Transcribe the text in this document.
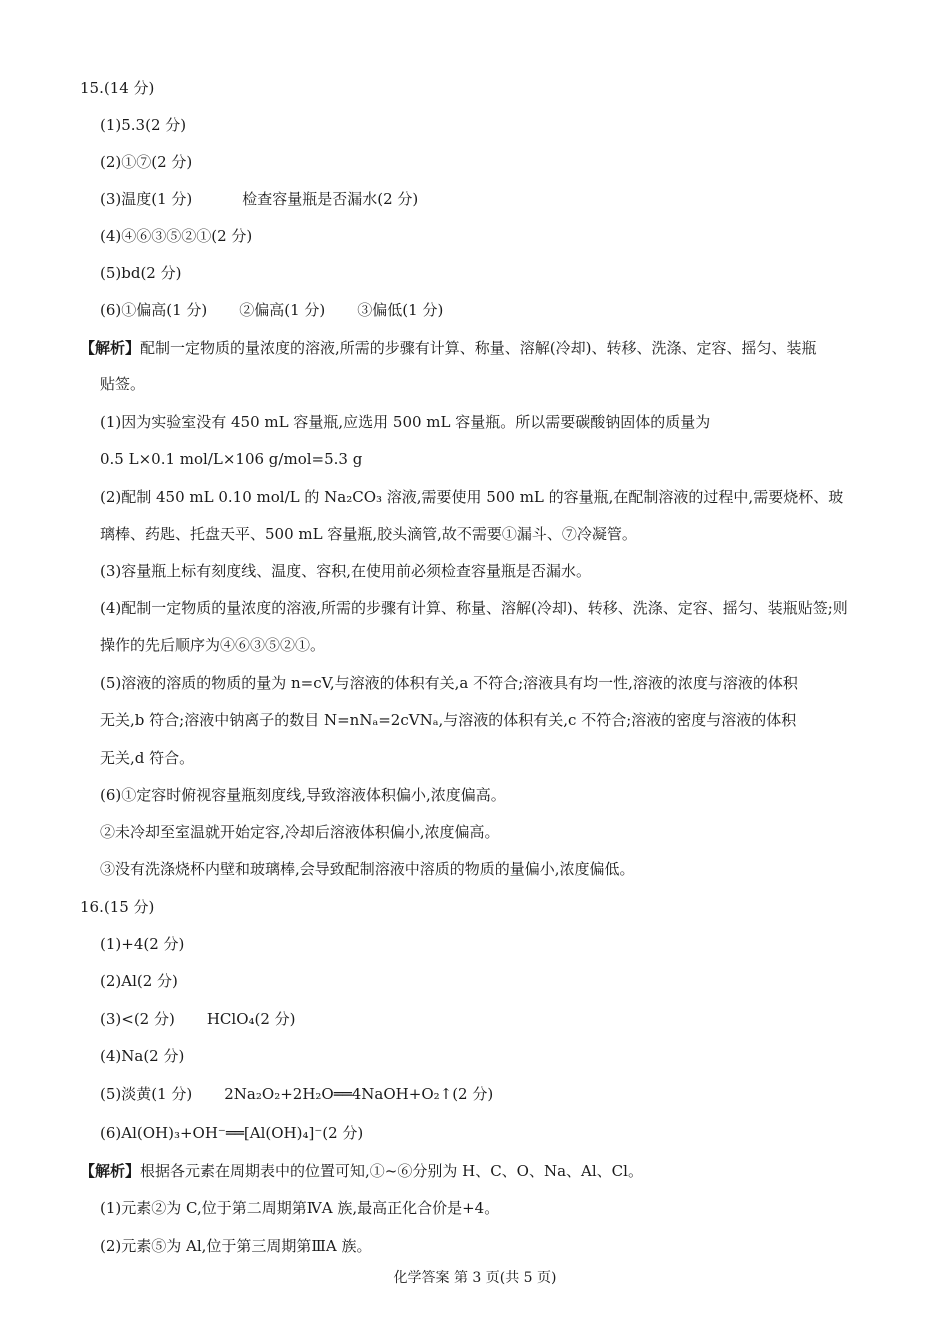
15.(14 分)
(1)5.3(2 分)
(2)①⑦(2 分)
(3)温度(1 分)	检查容量瓶是否漏水(2 分)
(4)④⑥③⑤②①(2 分)
(5)bd(2 分)
(6)①偏高(1 分) ②偏高(1 分) ③偏低(1 分)
【解析】配制一定物质的量浓度的溶液,所需的步骤有计算、称量、溶解(冷却)、转移、洗涤、定容、摇匀、装瓶
贴签。
(1)因为实验室没有 450 mL 容量瓶,应选用 500 mL 容量瓶。所以需要碳酸钠固体的质量为
0.5 L×0.1 mol/L×106 g/mol=5.3 g
(2)配制 450 mL 0.10 mol/L 的 Na₂CO₃ 溶液,需要使用 500 mL 的容量瓶,在配制溶液的过程中,需要烧杯、玻
璃棒、药匙、托盘天平、500 mL 容量瓶,胶头滴管,故不需要①漏斗、⑦冷凝管。
(3)容量瓶上标有刻度线、温度、容积,在使用前必须检查容量瓶是否漏水。
(4)配制一定物质的量浓度的溶液,所需的步骤有计算、称量、溶解(冷却)、转移、洗涤、定容、摇匀、装瓶贴签;则
操作的先后顺序为④⑥③⑤②①。
(5)溶液的溶质的物质的量为 n=cV,与溶液的体积有关,a 不符合;溶液具有均一性,溶液的浓度与溶液的体积
无关,b 符合;溶液中钠离子的数目 N=nNₐ=2cVNₐ,与溶液的体积有关,c 不符合;溶液的密度与溶液的体积
无关,d 符合。
(6)①定容时俯视容量瓶刻度线,导致溶液体积偏小,浓度偏高。
②未冷却至室温就开始定容,冷却后溶液体积偏小,浓度偏高。
③没有洗涤烧杯内壁和玻璃棒,会导致配制溶液中溶质的物质的量偏小,浓度偏低。
16.(15 分)
(1)+4(2 分)
(2)Al(2 分)
(3)<(2 分) HClO₄(2 分)
(4)Na(2 分)
(5)淡黄(1 分) 2Na₂O₂+2H₂O══4NaOH+O₂↑(2 分)
(6)Al(OH)₃+OH⁻══[Al(OH)₄]⁻(2 分)
【解析】根据各元素在周期表中的位置可知,①~⑥分别为 H、C、O、Na、Al、Cl。
(1)元素②为 C,位于第二周期第ⅣA 族,最高正化合价是+4。
(2)元素⑤为 Al,位于第三周期第ⅢA 族。
化学答案 第 3 页(共 5 页)
